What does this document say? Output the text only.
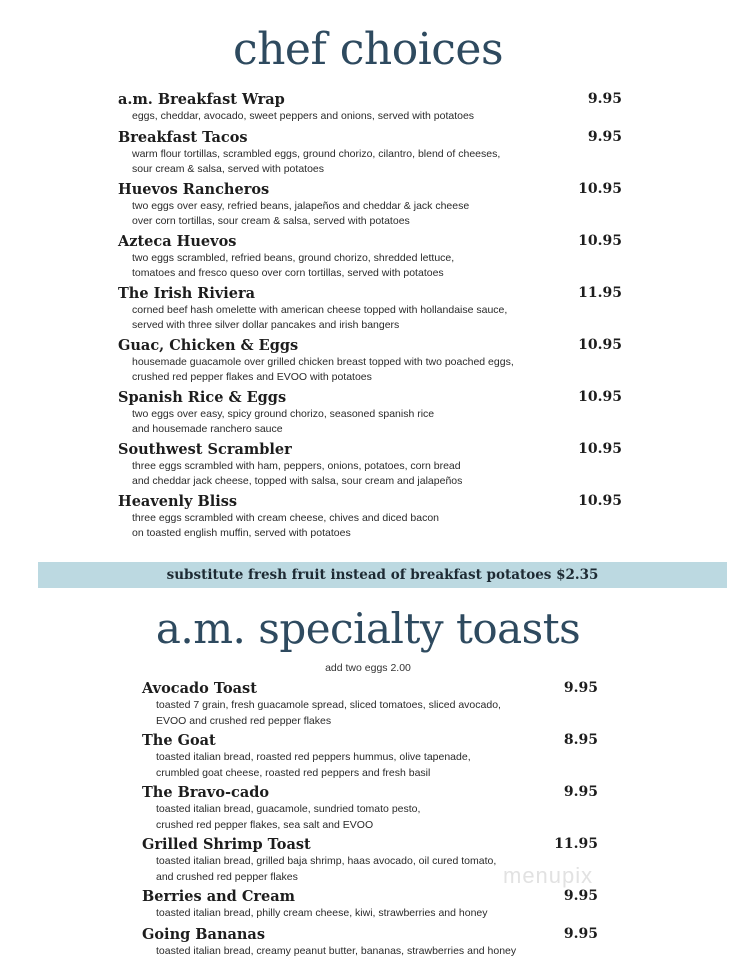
chef choices
a.m. Breakfast Wrap	9.95
eggs, cheddar, avocado, sweet peppers and onions, served with potatoes
Breakfast Tacos	9.95
warm flour tortillas, scrambled eggs, ground chorizo, cilantro, blend of cheeses,
sour cream & salsa, served with potatoes
Huevos Rancheros	10.95
two eggs over easy, refried beans, jalapeños and cheddar & jack cheese
over corn tortillas, sour cream & salsa, served with potatoes
Azteca Huevos	10.95
two eggs scrambled, refried beans, ground chorizo, shredded lettuce,
tomatoes and fresco queso over corn tortillas, served with potatoes
The Irish Riviera	11.95
corned beef hash omelette with american cheese topped with hollandaise sauce,
served with three silver dollar pancakes and irish bangers
Guac, Chicken & Eggs	10.95
housemade guacamole over grilled chicken breast topped with two poached eggs,
crushed red pepper flakes and EVOO with potatoes
Spanish Rice & Eggs	10.95
two eggs over easy, spicy ground chorizo, seasoned spanish rice
and housemade ranchero sauce
Southwest Scrambler	10.95
three eggs scrambled with ham, peppers, onions, potatoes, corn bread
and cheddar jack cheese, topped with salsa, sour cream and jalapeños
Heavenly Bliss	10.95
three eggs scrambled with cream cheese, chives and diced bacon
on toasted english muffin, served with potatoes
substitute fresh fruit instead of breakfast potatoes $2.35
a.m. specialty toasts
add two eggs 2.00
Avocado Toast	9.95
toasted 7 grain, fresh guacamole spread, sliced tomatoes, sliced avocado,
EVOO and crushed red pepper flakes
The Goat	8.95
toasted italian bread, roasted red peppers hummus, olive tapenade,
crumbled goat cheese, roasted red peppers and fresh basil
The Bravo-cado	9.95
toasted italian bread, guacamole, sundried tomato pesto,
crushed red pepper flakes, sea salt and EVOO
Grilled Shrimp Toast	11.95
toasted italian bread, grilled baja shrimp, haas avocado, oil cured tomato,
and crushed red pepper flakes
Berries and Cream	9.95
toasted italian bread, philly cream cheese, kiwi, strawberries and honey
Going Bananas	9.95
toasted italian bread, creamy peanut butter, bananas, strawberries and honey
menupix
